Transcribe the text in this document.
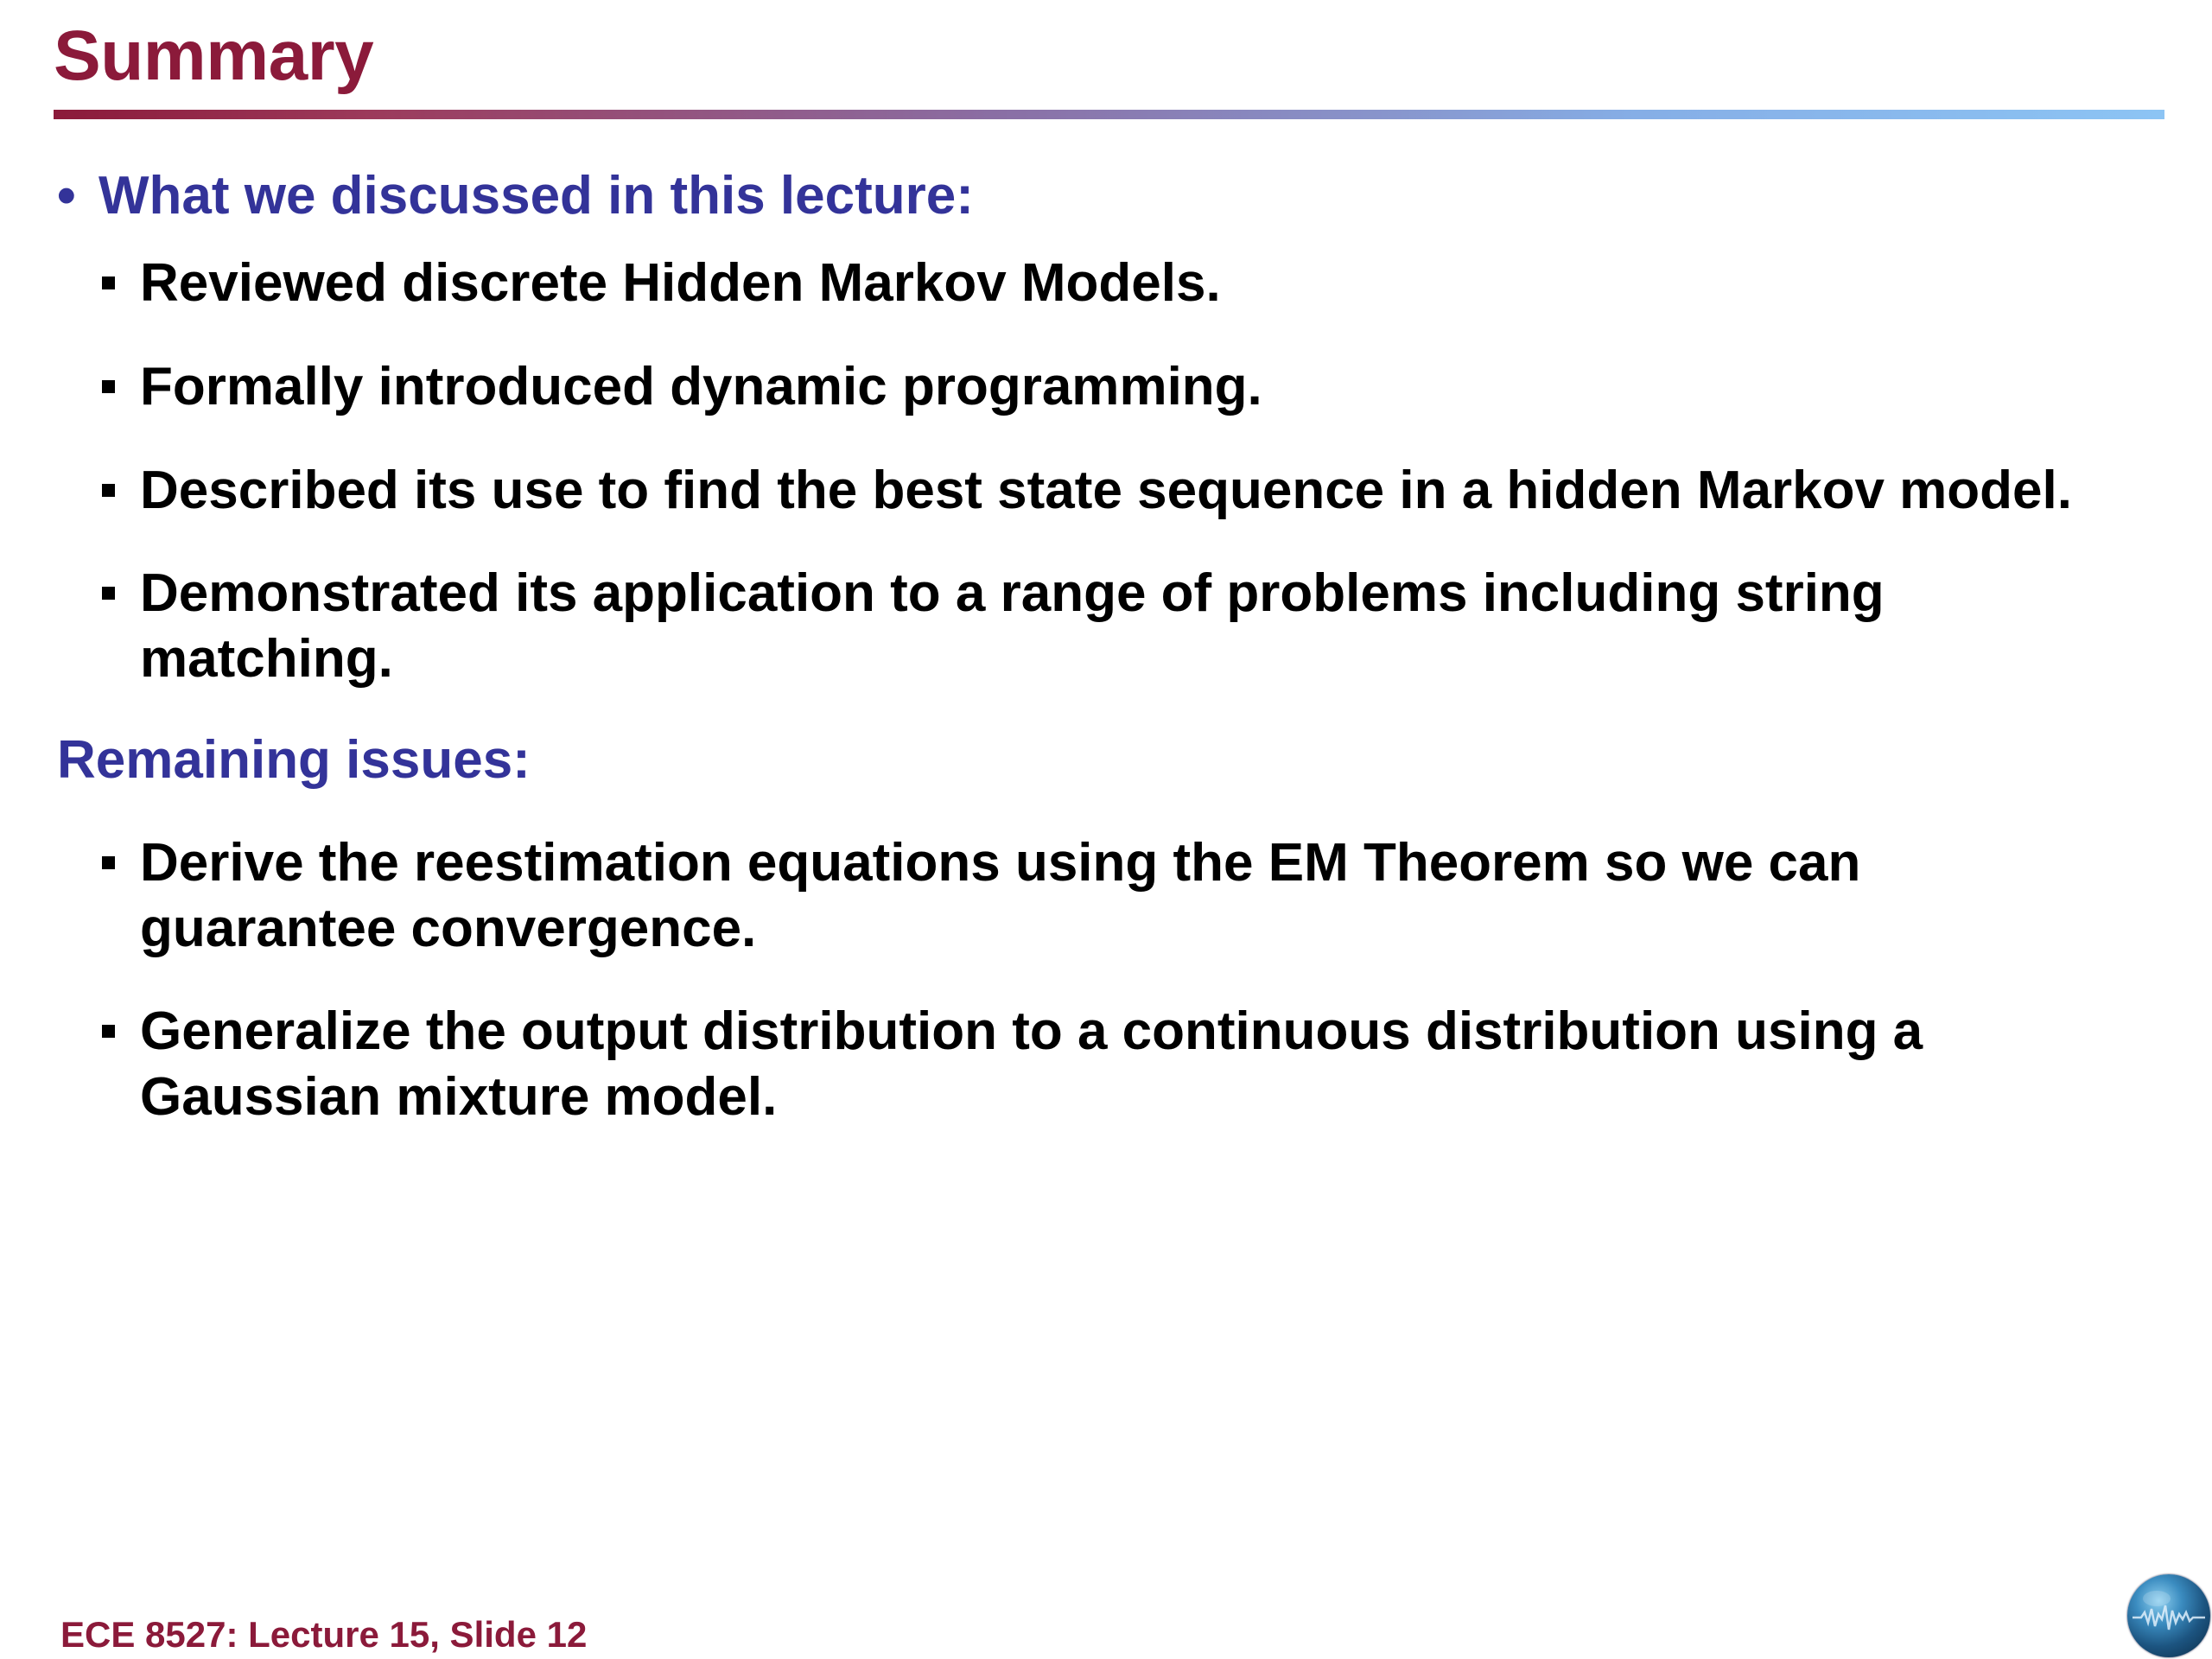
Summary
• What we discussed in this lecture:
Reviewed discrete Hidden Markov Models.
Formally introduced dynamic programming.
Described its use to find the best state sequence in a hidden Markov model.
Demonstrated its application to a range of problems including string matching.
Remaining issues:
Derive the reestimation equations using the EM Theorem so we can guarantee convergence.
Generalize the output distribution to a continuous distribution using a Gaussian mixture model.
ECE 8527: Lecture 15, Slide 12
